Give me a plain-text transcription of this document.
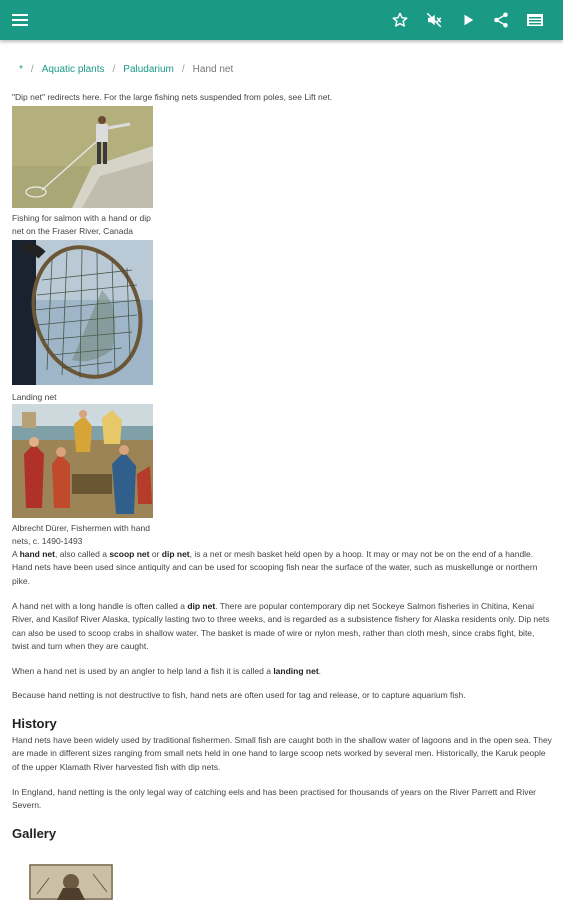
* / Aquatic plants / Paludarium / Hand net
"Dip net" redirects here. For the large fishing nets suspended from poles, see Lift net.
Fishing for salmon with a hand or dip net on the Fraser River, Canada
Landing net
Albrecht Dürer, Fishermen with hand nets, c. 1490-1493
A hand net, also called a scoop net or dip net, is a net or mesh basket held open by a hoop. It may or may not be on the end of a handle. Hand nets have been used since antiquity and can be used for scooping fish near the surface of the water, such as muskellunge or northern pike.
A hand net with a long handle is often called a dip net. There are popular contemporary dip net Sockeye Salmon fisheries in Chitina, Kenai River, and Kasilof River Alaska, typically lasting two to three weeks, and is regarded as a subsistence fishery for Alaska residents only. Dip nets can also be used to scoop crabs in shallow water. The basket is made of wire or nylon mesh, rather than cloth mesh, since crabs fight, bite, twist and turn when they are caught.
When a hand net is used by an angler to help land a fish it is called a landing net.
Because hand netting is not destructive to fish, hand nets are often used for tag and release, or to capture aquarium fish.
History
Hand nets have been widely used by traditional fishermen. Small fish are caught both in the shallow water of lagoons and in the open sea. They are made in different sizes ranging from small nets held in one hand to large scoop nets worked by several men. Historically, the Karuk people of the upper Klamath River harvested fish with dip nets.
In England, hand netting is the only legal way of catching eels and has been practised for thousands of years on the River Parrett and River Severn.
Gallery
